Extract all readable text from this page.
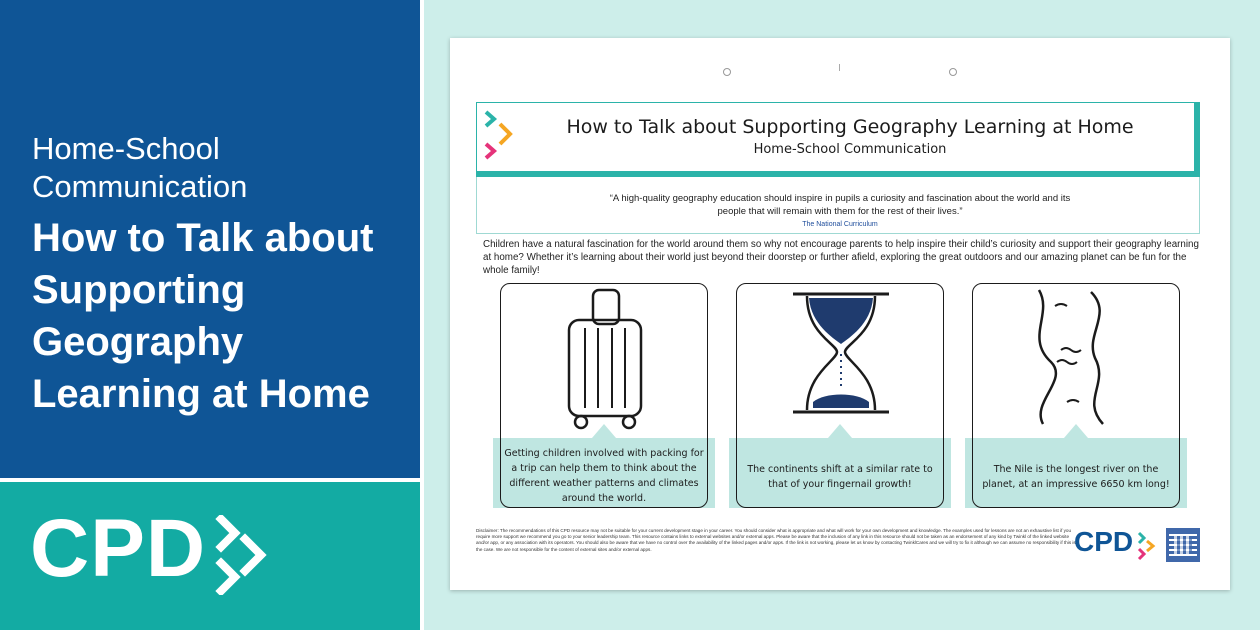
Home-School Communication
How to Talk about Supporting Geography Learning at Home
CPD
How to Talk about Supporting Geography Learning at Home
Home-School Communication
“A high-quality geography education should inspire in pupils a curiosity and fascination about the world and its people that will remain with them for the rest of their lives.”
The National Curriculum
Children have a natural fascination for the world around them so why not encourage parents to help inspire their child’s curiosity and support their geography learning at home? Whether it’s learning about their world just beyond their doorstep or further afield, exploring the great outdoors and our amazing planet can be fun for the whole family!
Getting children involved with packing for a trip can help them to think about the different weather patterns and climates around the world.
The continents shift at a similar rate to that of your fingernail growth!
The Nile is the longest river on the planet, at an impressive 6650 km long!
Disclaimer: The recommendations of this CPD resource may not be suitable for your current development stage in your career. You should consider what is appropriate and what will work for your own development and knowledge. The examples used for lessons are not an exhaustive list if you require more support we recommend you go to your senior leadership team. This resource contains links to external websites and/or external apps. Please be aware that the inclusion of any link in this resource should not be taken as an endorsement of any kind by Twinkl of the linked website and/or app, or any association with its operators. You should also be aware that we have no control over the availability of the linked pages and/or apps. If the link is not working, please let us know by contacting TwinklCares and we will try to fix it although we can assume no responsibility if this is the case. We are not responsible for the content of external sites and/or external apps.	CPD
